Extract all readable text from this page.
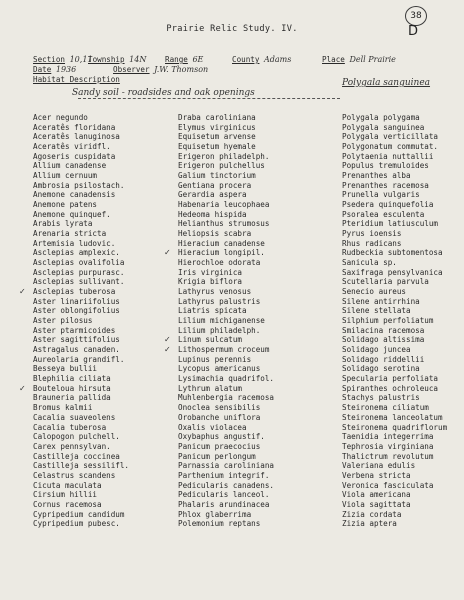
38
D
Prairie Relic Study. IV.
Section 10,11
Township 14N Range 6E	County Adams	Place Dell Prairie
Date 1936	Observer J.W. Thomson
Habitat Description
Sandy soil - roadsides and oak openings
Polygala sanguinea
Acer negundo
Aceratês floridana
Aceratês lanuginosa
Aceratês viridfl.
Agoseris cuspidata
Allium canadense
Allium cernuum
Ambrosia psilostach.
Anemone canadensis
Anemone patens
Anemone quinquef.
Arabis lyrata
Arenaria stricta
Artemisia ludovic.
Asclepias amplexic.
Asclepias ovalifolia
Asclepias purpurasc.
Asclepias sullivant.
✓ Asclepias tuberosa
Aster linariifolius
Aster oblongifolius
Aster pilosus
Aster ptarmicoides
Aster sagittifolius
Astragalus canaden.
Aureolaria grandifl.
Besseya bullii
Blephilia ciliata
✓ Bouteloua hirsuta
Brauneria pallida
Bromus kalmii
Cacalia suaveolens
Cacalia tuberosa
Calopogon pulchell.
Carex pennsylvan.
Castilleja coccinea
Castilleja sessilifl.
Celastrus scandens
Cicuta maculata
Cirsium hillii
Cornus racemosa
Cypripedium candidum
Cypripedium pubesc.
Draba caroliniana
Elymus virginicus
Equisetum arvense
Equisetum hyemale
Erigeron philadelph.
Erigeron pulchellus
Galium tinctorium
Gentiana procera
Gerardia aspera
Habenaria leucophaea
Hedeoma hispida
Helianthus strumosus
Heliopsis scabra
Hieracium canadense
✓ Hieracium longipil.
Hierochloe odorata
Iris virginica
Krigia biflora
Lathyrus venosus
Lathyrus palustris
Liatris spicata
Lilium michiganense
Lilium philadelph.
✓ Linum sulcatum
✓ Lithospermum croceum
Lupinus perennis
Lycopus americanus
Lysimachia quadrifol.
Lythrum alatum
Muhlenbergia racemosa
Onoclea sensibilis
Orobanche uniflora
Oxalis violacea
Oxybaphus angustif.
Panicum praecocius
Panicum perlongum
Parnassia caroliniana
Parthenium integrif.
Pedicularis canadens.
Pedicularis lanceol.
Phalaris arundinacea
Phlox glaberrima
Polemonium reptans
Polygala polygama
Polygala sanguinea
Polygala verticillata
Polygonatum commutat.
Polytaenia nuttallii
Populus tremuloides
Prenanthes alba
Prenanthes racemosa
Prunella vulgaris
Psedera quinquefolia
Psoralea esculenta
Pteridium latiusculum
Pyrus ioensis
Rhus radicans
Rudbeckia subtomentosa
Sanicula sp.
Saxifraga pensylvanica
Scutellaria parvula
Senecio aureus
Silene antirrhina
Silene stellata
Silphium perfoliatum
Smilacina racemosa
Solidago altissima
Solidago juncea
Solidago riddellii
Solidago serotina
Specularia perfoliata
Spiranthes ochroleuca
Stachys palustris
Steironema ciliatum
Steironema lanceolatum
Steironema quadriflorum
Taenidia integerrima
Tephrosia virginiana
Thalictrum revolutum
Valeriana edulis
Verbena stricta
Veronica fasciculata
Viola americana
Viola sagittata
Zizia cordata
Zizia aptera
